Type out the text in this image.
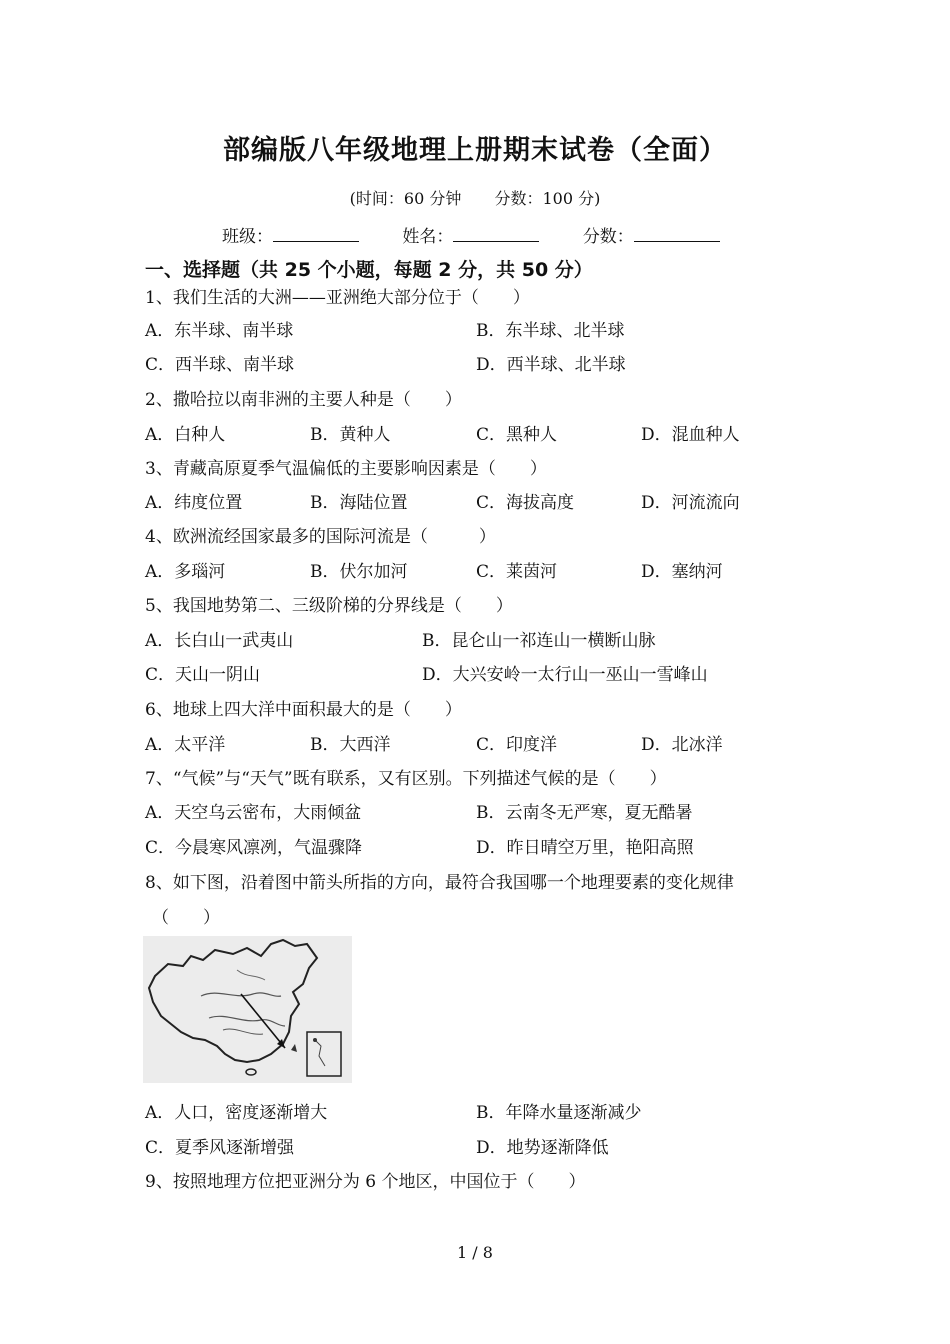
部编版八年级地理上册期末试卷（全面）
(时间：60 分钟 分数：100 分)
班级：	姓名：	分数：
一、选择题（共 25 个小题，每题 2 分，共 50 分）
1、我们生活的大洲——亚洲绝大部分位于（　　）
A．东半球、南半球	B．东半球、北半球
C．西半球、南半球	D．西半球、北半球
2、撒哈拉以南非洲的主要人种是（　　）
A．白种人	B．黄种人	C．黑种人	D．混血种人
3、青藏高原夏季气温偏低的主要影响因素是（　　）
A．纬度位置	B．海陆位置	C．海拔高度	D．河流流向
4、欧洲流经国家最多的国际河流是（　　　）
A．多瑙河	B．伏尔加河	C．莱茵河	D．塞纳河
5、我国地势第二、三级阶梯的分界线是（　　）
A．长白山一武夷山	B．昆仑山一祁连山一横断山脉
C．天山一阴山	D．大兴安岭一太行山一巫山一雪峰山
6、地球上四大洋中面积最大的是（　　）
A．太平洋	B．大西洋	C．印度洋	D．北冰洋
7、“气候”与“天气”既有联系，又有区别。下列描述气候的是（　　）
A．天空乌云密布，大雨倾盆	B．云南冬无严寒，夏无酷暑
C．今晨寒风凛冽，气温骤降	D．昨日晴空万里，艳阳高照
8、如下图，沿着图中箭头所指的方向，最符合我国哪一个地理要素的变化规律
（　　）
A．人口，密度逐渐增大	B．年降水量逐渐减少
C．夏季风逐渐增强	D．地势逐渐降低
9、按照地理方位把亚洲分为 6 个地区，中国位于（　　）
1 / 8
